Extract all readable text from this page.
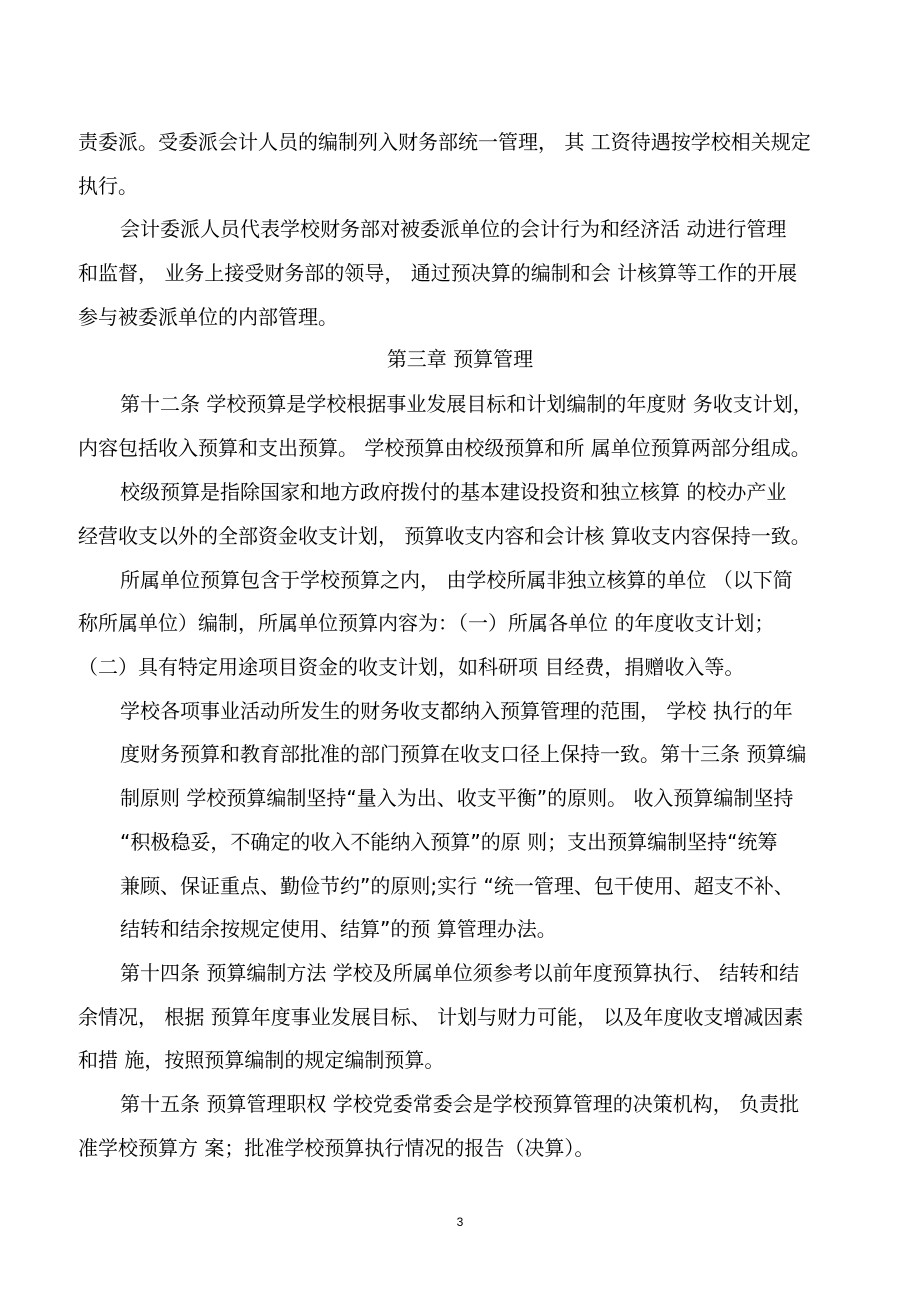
责委派。受委派会计人员的编制列入财务部统一管理， 其 工资待遇按学校相关规定

执行。

会计委派人员代表学校财务部对被委派单位的会计行为和经济活 动进行管理

和监督， 业务上接受财务部的领导， 通过预决算的编制和会 计核算等工作的开展

参与被委派单位的内部管理。

第三章 预算管理

第十二条 学校预算是学校根据事业发展目标和计划编制的年度财 务收支计划，

内容包括收入预算和支出预算。 学校预算由校级预算和所 属单位预算两部分组成。

校级预算是指除国家和地方政府拨付的基本建设投资和独立核算 的校办产业

经营收支以外的全部资金收支计划， 预算收支内容和会计核 算收支内容保持一致。

所属单位预算包含于学校预算之内， 由学校所属非独立核算的单位 （以下简

称所属单位）编制，所属单位预算内容为：（一）所属各单位 的年度收支计划；

（二）具有特定用途项目资金的收支计划，如科研项 目经费，捐赠收入等。

学校各项事业活动所发生的财务收支都纳入预算管理的范围， 学校 执行的年

度财务预算和教育部批准的部门预算在收支口径上保持一致。第十三条 预算编

制原则 学校预算编制坚持“量入为出、收支平衡”的原则。 收入预算编制坚持

“积极稳妥，不确定的收入不能纳入预算”的原 则；支出预算编制坚持“统筹

兼顾、保证重点、勤俭节约”的原则;实行 “统一管理、包干使用、超支不补、

结转和结余按规定使用、结算”的预 算管理办法。

第十四条 预算编制方法 学校及所属单位须参考以前年度预算执行、 结转和结

余情况， 根据 预算年度事业发展目标、 计划与财力可能， 以及年度收支增减因素

和措 施，按照预算编制的规定编制预算。

第十五条 预算管理职权 学校党委常委会是学校预算管理的决策机构， 负责批

准学校预算方 案；批准学校预算执行情况的报告（决算）。

3
